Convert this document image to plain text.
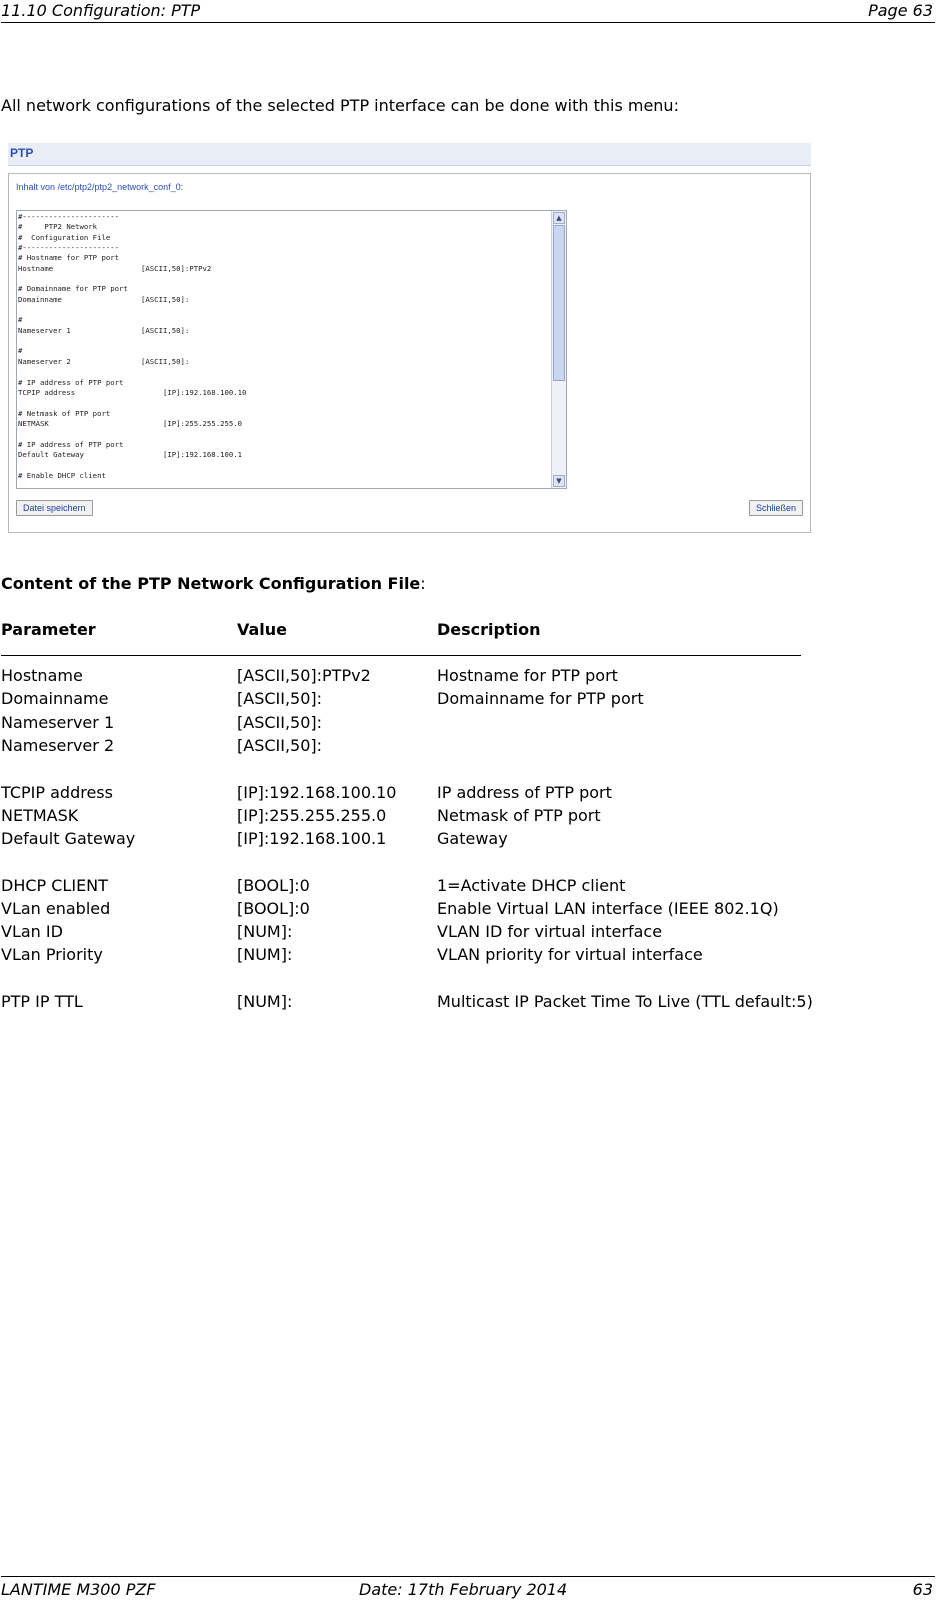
11.10 Configuration: PTP	Page 63
All network configurations of the selected PTP interface can be done with this menu:
PTP
Inhalt von /etc/ptp2/ptp2_network_conf_0:
#----------------------
#     PTP2 Network
#  Configuration File
#----------------------
# Hostname for PTP port
Hostname                    [ASCII,50]:PTPv2

# Domainname for PTP port
Domainname                  [ASCII,50]:

#
Nameserver 1                [ASCII,50]:

#
Nameserver 2                [ASCII,50]:

# IP address of PTP port
TCPIP address                    [IP]:192.168.100.10

# Netmask of PTP port
NETMASK                          [IP]:255.255.255.0

# IP address of PTP port
Default Gateway                  [IP]:192.168.100.1

# Enable DHCP client
▲
▼
Datei speichern	Schließen
Content of the PTP Network Configuration File:
Parameter	Value	Description
Hostname	[ASCII,50]:PTPv2	Hostname for PTP port
Domainname	[ASCII,50]:	Domainname for PTP port
Nameserver 1	[ASCII,50]:
Nameserver 2	[ASCII,50]:
TCPIP address	[IP]:192.168.100.10	IP address of PTP port
NETMASK	[IP]:255.255.255.0	Netmask of PTP port
Default Gateway	[IP]:192.168.100.1	Gateway
DHCP CLIENT	[BOOL]:0	1=Activate DHCP client
VLan enabled	[BOOL]:0	Enable Virtual LAN interface (IEEE 802.1Q)
VLan ID	[NUM]:	VLAN ID for virtual interface
VLan Priority	[NUM]:	VLAN priority for virtual interface
PTP IP TTL	[NUM]:	Multicast IP Packet Time To Live (TTL default:5)
LANTIME M300 PZF	Date: 17th February 2014	63
